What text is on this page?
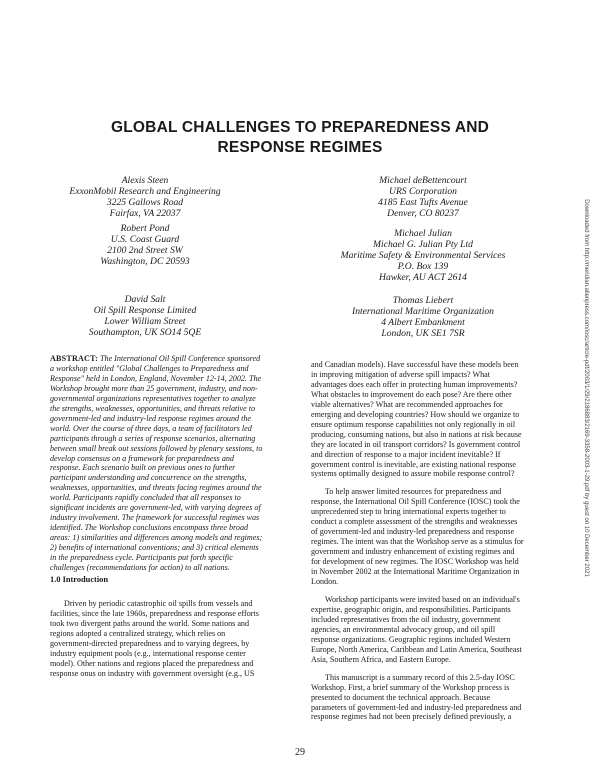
GLOBAL CHALLENGES TO PREPAREDNESS AND
RESPONSE REGIMES
Alexis Steen
ExxonMobil Research and Engineering
3225 Gallows Road
Fairfax, VA 22037
Robert Pond
U.S. Coast Guard
2100 2nd Street SW
Washington, DC 20593
David Salt
Oil Spill Response Limited
Lower William Street
Southampton, UK SO14 5QE
Michael deBettencourt
URS Corporation
4185 East Tufts Avenue
Denver, CO 80237
Michael Julian
Michael G. Julian Pty Ltd
Maritime Safety & Environmental Services
P.O. Box 139
Hawker, AU ACT 2614
Thomas Liebert
International Maritime Organization
4 Albert Embankment
London, UK SE1 7SR

ABSTRACT: The International Oil Spill Conference sponsored

a workshop entitled "Global Challenges to Preparedness and

Response" held in London, England, November 12-14, 2002. The

Workshop brought more than 25 government, industry, and non-

governmental organizations representatives together to analyze

the strengths, weaknesses, opportunities, and threats relative to

government-led and industry-led response regimes around the

world. Over the course of three days, a team of facilitators led

participants through a series of response scenarios, alternating

between small break out sessions followed by plenary sessions, to

develop consensus on a framework for preparedness and

response. Each scenario built on previous ones to further

participant understanding and concurrence on the strengths,

weaknesses, opportunities, and threats facing regimes around the

world. Participants rapidly concluded that all responses to

significant incidents are government-led, with varying degrees of

industry involvement. The framework for successful regimes was

identified. The Workshop conclusions encompass three broad

areas: 1) similarities and differences among models and regimes;

2) benefits of international conventions; and 3) critical elements

in the preparedness cycle. Participants put forth specific

challenges (recommendations for action) to all nations.

1.0 Introduction

Driven by periodic catastrophic oil spills from vessels and

facilities, since the late 1960s, preparedness and response efforts

took two divergent paths around the world. Some nations and

regions adopted a centralized strategy, which relies on

government-directed preparedness and to varying degrees, by

industry equipment pools (e.g., international response center

model). Other nations and regions placed the preparedness and

response onus on industry with government oversight (e.g., US

and Canadian models). Have successful have these models been

in improving mitigation of adverse spill impacts? What

advantages does each offer in protecting human improvements?

What obstacles to improvement do each pose? Are there other

viable alternatives? What are recommended approaches for

emerging and developing countries? How should we organize to

ensure optimum response capabilities not only regionally in oil

producing, consuming nations, but also in nations at risk because

they are located in oil transport corridors? Is government control

and direction of response to a major incident inevitable? If

government control is inevitable, are existing national response

systems optimally designed to assure mobile response control?

To help answer limited resources for preparedness and

response, the International Oil Spill Conference (IOSC) took the

unprecedented step to bring international experts together to

conduct a complete assessment of the strengths and weaknesses

of government-led and industry-led preparedness and response

regimes. The intent was that the Workshop serve as a stimulus for

government and industry enhancement of existing regimes and

for development of new regimes. The IOSC Workshop was held

in November 2002 at the International Maritime Organization in

London.

Workshop participants were invited based on an individual's

expertise, geographic origin, and responsibilities. Participants

included representatives from the oil industry, government

agencies, an environmental advocacy group, and oil spill

response organizations. Geographic regions included Western

Europe, North America, Caribbean and Latin America, Southeast

Asia, Southern Africa, and Eastern Europe.

This manuscript is a summary record of this 2.5-day IOSC

Workshop. First, a brief summary of the Workshop process is

presented to document the technical approach. Because

parameters of government-led and industry-led preparedness and

response regimes had not been precisely defined previously, a

Downloaded from http://meridian.allenpress.com/iosc/article-pdf/2003/1/29/2186883/2169-3358-2003-1-29.pdf by guest on 10 December 2021
29
